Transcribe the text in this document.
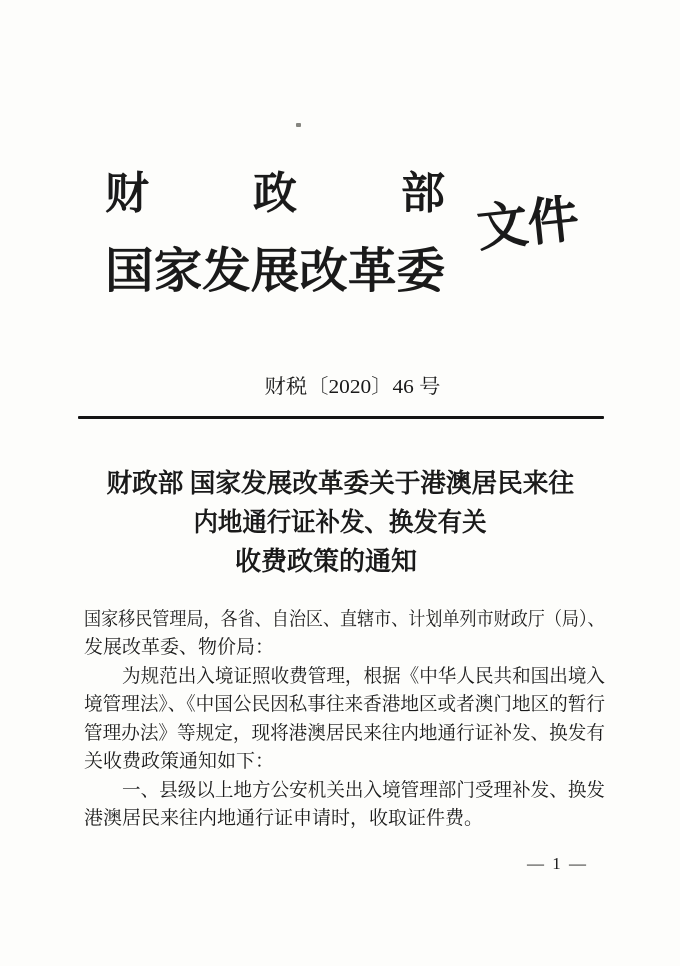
财 政 部
国家发展改革委
文件
财税〔2020〕46 号
财政部 国家发展改革委关于港澳居民来往
内地通行证补发、换发有关
收费政策的通知
国家移民管理局，各省、自治区、直辖市、计划单列市财政厅（局）、
发展改革委、物价局：
为规范出入境证照收费管理，根据《中华人民共和国出境入
境管理法》、《中国公民因私事往来香港地区或者澳门地区的暂行
管理办法》等规定，现将港澳居民来往内地通行证补发、换发有
关收费政策通知如下：
一、县级以上地方公安机关出入境管理部门受理补发、换发
港澳居民来往内地通行证申请时，收取证件费。
— 1 —
